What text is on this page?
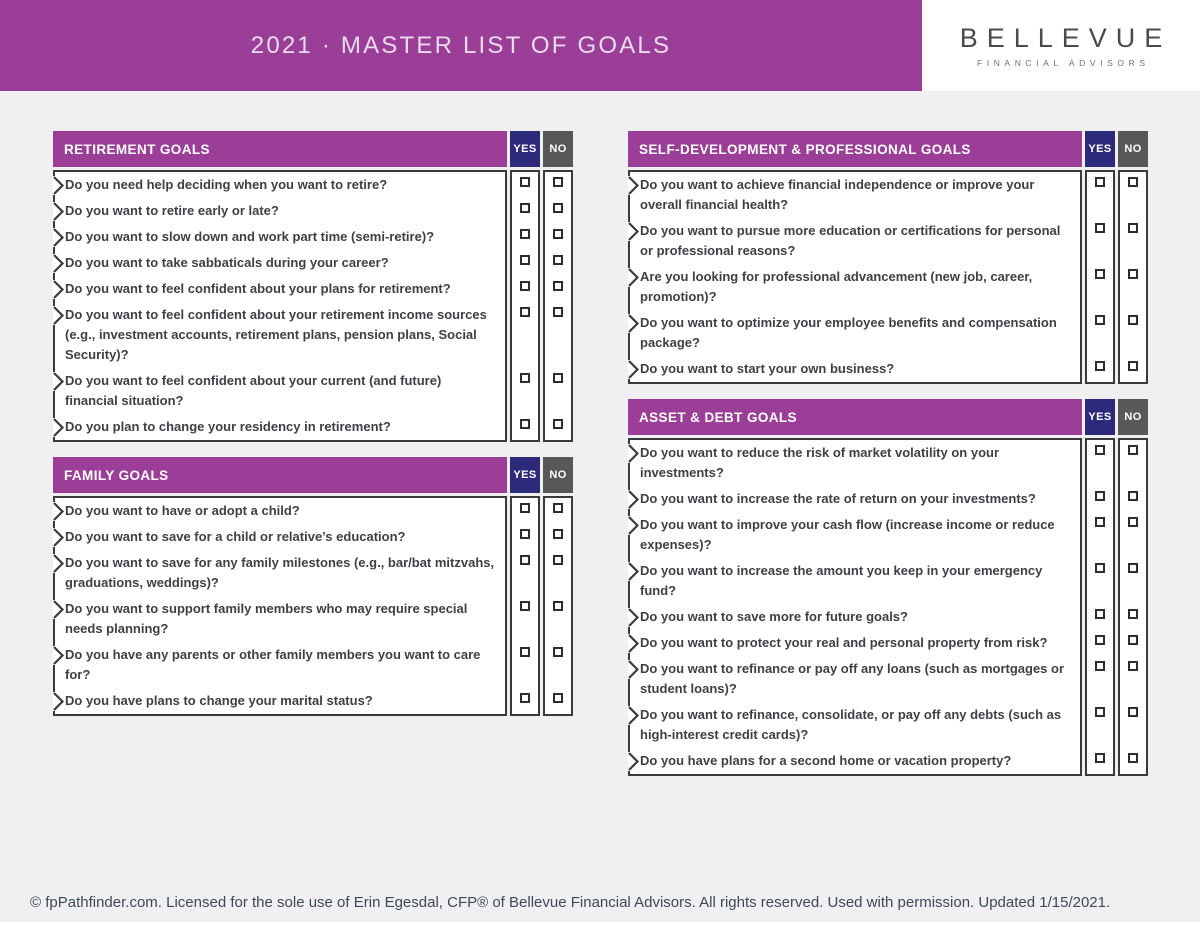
2021 · MASTER LIST OF GOALS	BELLEVUE
FINANCIAL ADVISORS
RETIREMENT GOALS	YES	NO
Do you need help deciding when you want to retire?
Do you want to retire early or late?
Do you want to slow down and work part time (semi-retire)?
Do you want to take sabbaticals during your career?
Do you want to feel confident about your plans for retirement?
Do you want to feel confident about your retirement income sources (e.g., investment accounts, retirement plans, pension plans, Social Security)?
Do you want to feel confident about your current (and future) financial situation?
Do you plan to change your residency in retirement?
FAMILY GOALS	YES	NO
Do you want to have or adopt a child?
Do you want to save for a child or relative’s education?
Do you want to save for any family milestones (e.g., bar/bat mitzvahs, graduations, weddings)?
Do you want to support family members who may require special needs planning?
Do you have any parents or other family members you want to care for?
Do you have plans to change your marital status?
SELF-DEVELOPMENT & PROFESSIONAL GOALS	YES	NO
Do you want to achieve financial independence or improve your overall financial health?
Do you want to pursue more education or certifications for personal or professional reasons?
Are you looking for professional advancement (new job, career, promotion)?
Do you want to optimize your employee benefits and compensation package?
Do you want to start your own business?
ASSET & DEBT GOALS	YES	NO
Do you want to reduce the risk of market volatility on your investments?
Do you want to increase the rate of return on your investments?
Do you want to improve your cash flow (increase income or reduce expenses)?
Do you want to increase the amount you keep in your emergency fund?
Do you want to save more for future goals?
Do you want to protect your real and personal property from risk?
Do you want to refinance or pay off any loans (such as mortgages or student loans)?
Do you want to refinance, consolidate, or pay off any debts (such as high-interest credit cards)?
Do you have plans for a second home or vacation property?
© fpPathfinder.com. Licensed for the sole use of Erin Egesdal, CFP® of Bellevue Financial Advisors. All rights reserved. Used with permission. Updated 1/15/2021.
